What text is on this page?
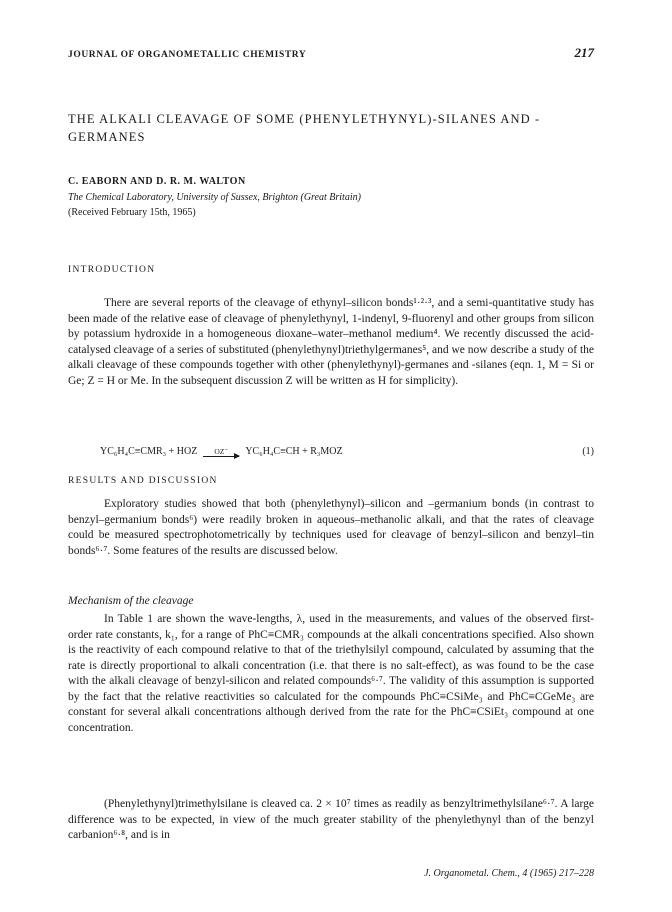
JOURNAL OF ORGANOMETALLIC CHEMISTRY	217
THE ALKALI CLEAVAGE OF SOME (PHENYLETHYNYL)-SILANES AND -GERMANES
C. EABORN AND D. R. M. WALTON
The Chemical Laboratory, University of Sussex, Brighton (Great Britain)
(Received February 15th, 1965)
INTRODUCTION

There are several reports of the cleavage of ethynyl–silicon bonds¹·²·³, and a semi-quantitative study has been made of the relative ease of cleavage of phenylethynyl, 1-indenyl, 9-fluorenyl and other groups from silicon by potassium hydroxide in a homogeneous dioxane–water–methanol medium⁴. We recently discussed the acid-catalysed cleavage of a series of substituted (phenylethynyl)triethylgermanes⁵, and we now describe a study of the alkali cleavage of these compounds together with other (phenylethynyl)-germanes and -silanes (eqn. 1, M = Si or Ge; Z = H or Me. In the subsequent discussion Z will be written as H for simplicity).

YC₆H₄C≡CMR₃ + HOZ OZ⁻ YC₆H₄C≡CH + R₃MOZ	(1)
RESULTS AND DISCUSSION

Exploratory studies showed that both (phenylethynyl)–silicon and –germanium bonds (in contrast to benzyl–germanium bonds⁶) were readily broken in aqueous–methanolic alkali, and that the rates of cleavage could be measured spectrophotometrically by techniques used for cleavage of benzyl–silicon and benzyl–tin bonds⁶·⁷. Some features of the results are discussed below.

Mechanism of the cleavage

In Table 1 are shown the wave-lengths, λ, used in the measurements, and values of the observed first-order rate constants, k₁, for a range of PhC≡CMR₃ compounds at the alkali concentrations specified. Also shown is the reactivity of each compound relative to that of the triethylsilyl compound, calculated by assuming that the rate is directly proportional to alkali concentration (i.e. that there is no salt-effect), as was found to be the case with the alkali cleavage of benzyl-silicon and related compounds⁶·⁷. The validity of this assumption is supported by the fact that the relative reactivities so calculated for the compounds PhC≡CSiMe₃ and PhC≡CGeMe₃ are constant for several alkali concentrations although derived from the rate for the PhC≡CSiEt₃ compound at one concentration.

(Phenylethynyl)trimethylsilane is cleaved ca. 2 × 10⁷ times as readily as benzyltrimethylsilane⁶·⁷. A large difference was to be expected, in view of the much greater stability of the phenylethynyl than of the benzyl carbanion⁶·⁸, and is in

J. Organometal. Chem., 4 (1965) 217–228
